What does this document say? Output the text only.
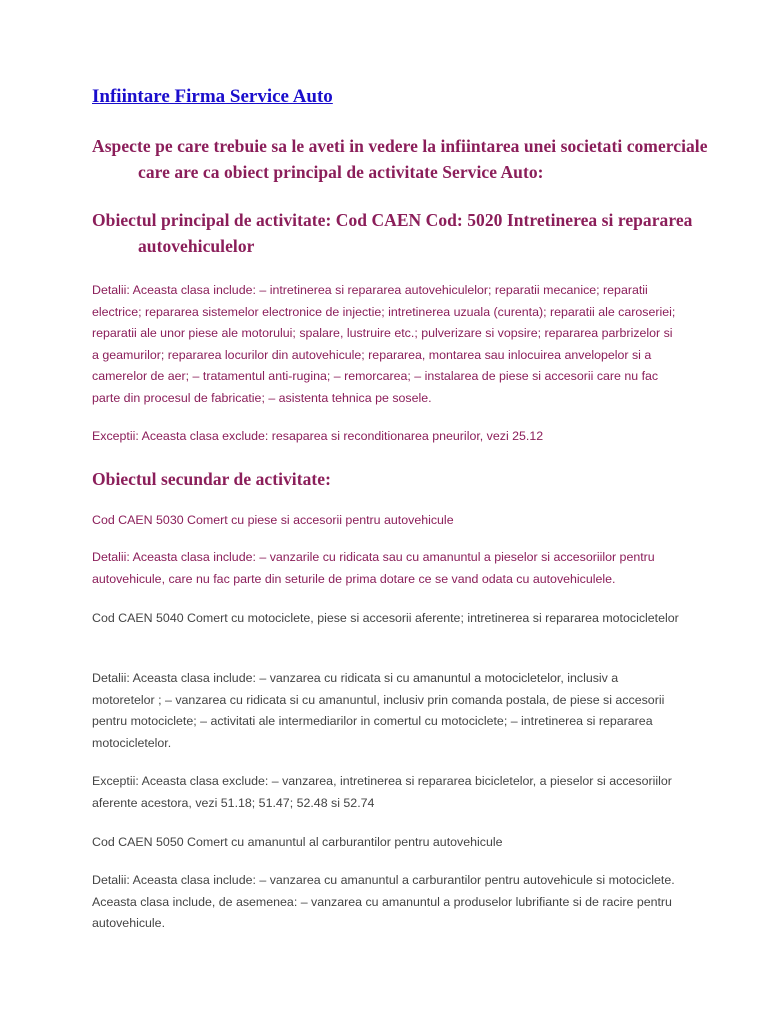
Infiintare Firma Service Auto

Aspecte pe care trebuie sa le aveti in vedere la infiintarea unei societati comerciale care are ca obiect principal de activitate Service Auto:

Obiectul principal de activitate: Cod CAEN Cod: 5020 Intretinerea si repararea autovehiculelor

Detalii: Aceasta clasa include: – intretinerea si repararea autovehiculelor; reparatii mecanice; reparatii electrice; repararea sistemelor electronice de injectie; intretinerea uzuala (curenta); reparatii ale caroseriei; reparatii ale unor piese ale motorului; spalare, lustruire etc.; pulverizare si vopsire; repararea parbrizelor si a geamurilor; repararea locurilor din autovehicule; repararea, montarea sau inlocuirea anvelopelor si a camerelor de aer; – tratamentul anti-rugina; – remorcarea; – instalarea de piese si accesorii care nu fac parte din procesul de fabricatie; – asistenta tehnica pe sosele.

Exceptii: Aceasta clasa exclude: resaparea si reconditionarea pneurilor, vezi 25.12

Obiectul secundar de activitate:

Cod CAEN 5030 Comert cu piese si accesorii pentru autovehicule

Detalii: Aceasta clasa include: – vanzarile cu ridicata sau cu amanuntul a pieselor si accesoriilor pentru autovehicule, care nu fac parte din seturile de prima dotare ce se vand odata cu autovehiculele.

Cod CAEN 5040 Comert cu motociclete, piese si accesorii aferente; intretinerea si repararea motocicletelor

Detalii: Aceasta clasa include: – vanzarea cu ridicata si cu amanuntul a motocicletelor, inclusiv a motoretelor ; – vanzarea cu ridicata si cu amanuntul, inclusiv prin comanda postala, de piese si accesorii pentru motociclete; – activitati ale intermediarilor in comertul cu motociclete; – intretinerea si repararea motocicletelor.

Exceptii: Aceasta clasa exclude: – vanzarea, intretinerea si repararea bicicletelor, a pieselor si accesoriilor aferente acestora, vezi 51.18; 51.47; 52.48 si 52.74

Cod CAEN 5050 Comert cu amanuntul al carburantilor pentru autovehicule

Detalii: Aceasta clasa include: – vanzarea cu amanuntul a carburantilor pentru autovehicule si motociclete. Aceasta clasa include, de asemenea: – vanzarea cu amanuntul a produselor lubrifiante si de racire pentru autovehicule.
